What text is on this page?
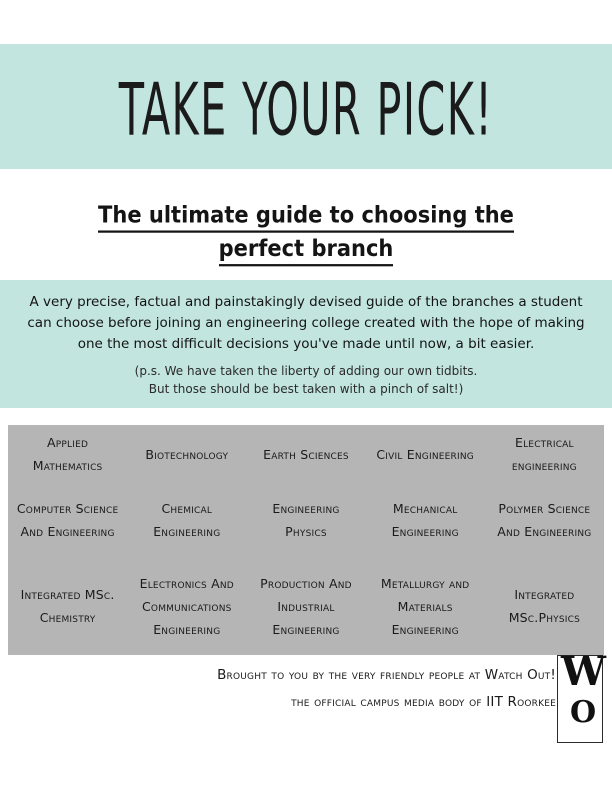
TAKE YOUR PICK!
The ultimate guide to choosing the
perfect branch
A very precise, factual and painstakingly devised guide of the branches a student can choose before joining an engineering college created with the hope of making one the most difficult decisions you've made until now, a bit easier.
(p.s. We have taken the liberty of adding our own tidbits.
But those should be best taken with a pinch of salt!)
Applied Mathematics	Biotechnology	Earth Sciences	Civil Engineering	Electrical engineering
Computer Science And Engineering	Chemical Engineering	Engineering Physics	Mechanical Engineering	Polymer Science And Engineering
Integrated MSc. Chemistry	Electronics And Communications Engineering	Production And Industrial Engineering	Metallurgy and Materials Engineering	Integrated MSc.Physics
Brought to you by the very friendly people at Watch Out!
the official campus media body of IIT Roorkee
W
O
